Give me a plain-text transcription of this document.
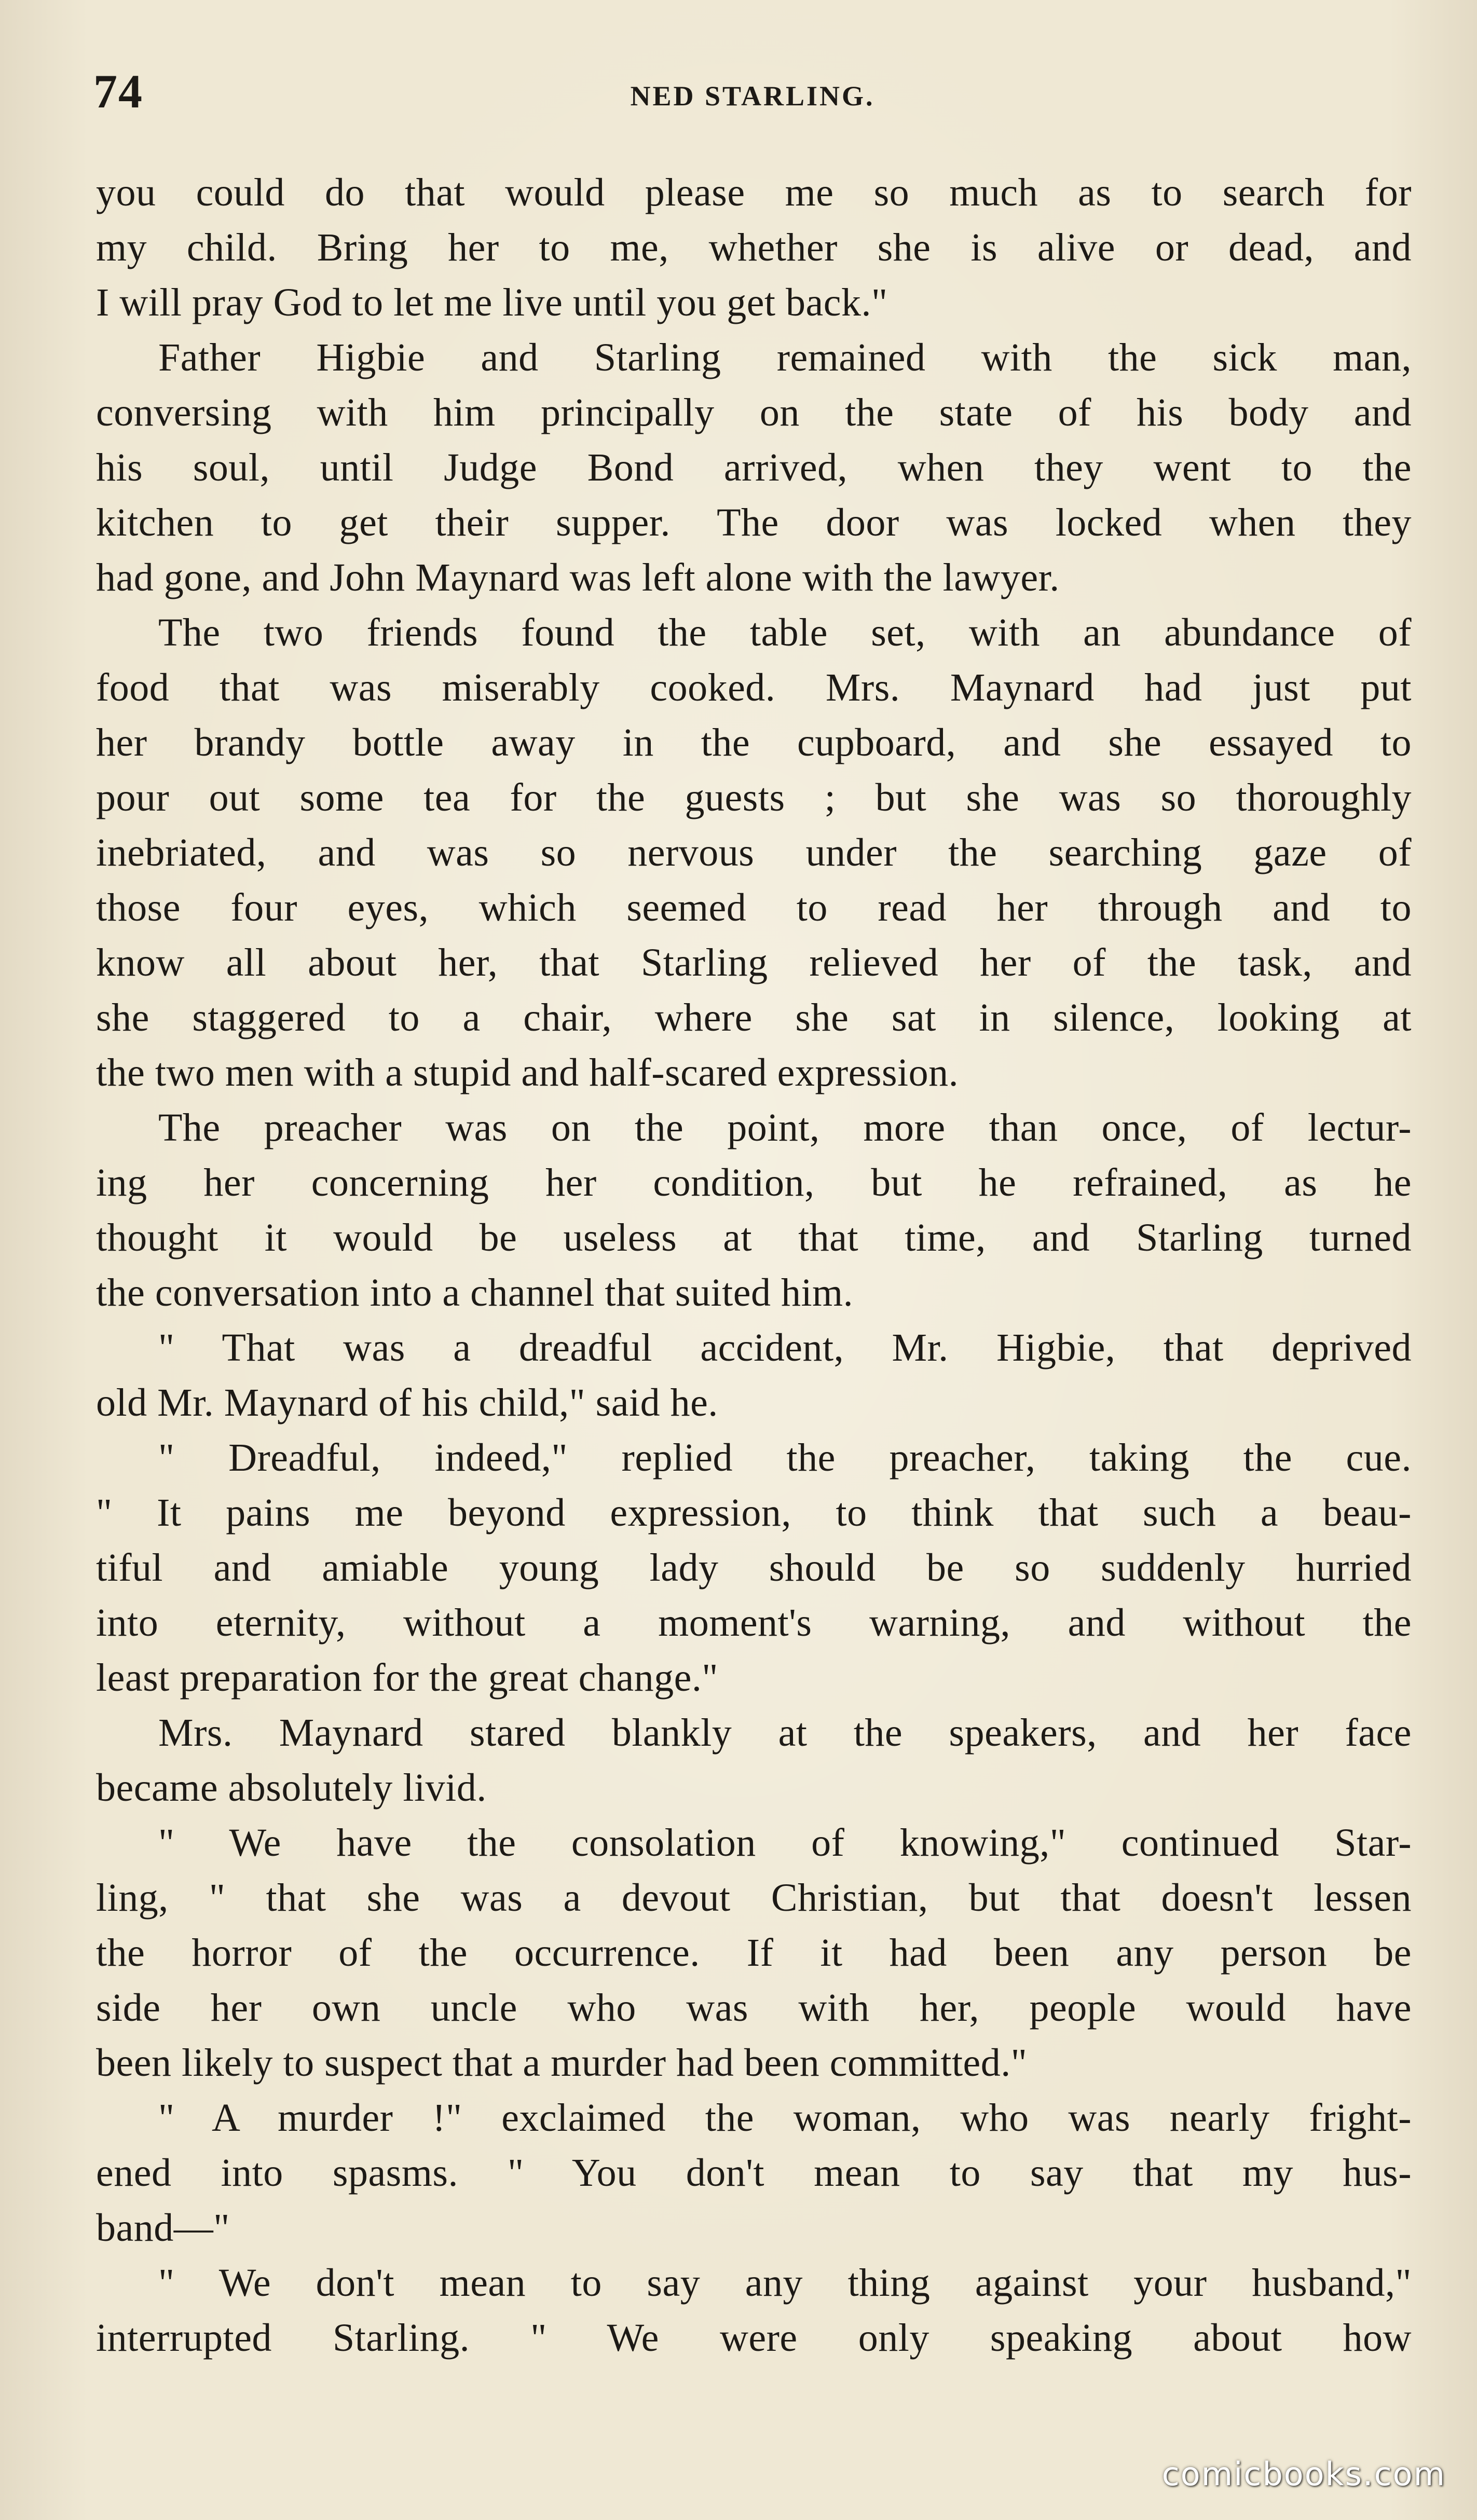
74	NED STARLING.
you could do that would please me so much as to search for
my child. Bring her to me, whether she is alive or dead, and
I will pray God to let me live until you get back."
Father Higbie and Starling remained with the sick man,
conversing with him principally on the state of his body and
his soul, until Judge Bond arrived, when they went to the
kitchen to get their supper. The door was locked when they
had gone, and John Maynard was left alone with the lawyer.
The two friends found the table set, with an abundance of
food that was miserably cooked. Mrs. Maynard had just put
her brandy bottle away in the cupboard, and she essayed to
pour out some tea for the guests ; but she was so thoroughly
inebriated, and was so nervous under the searching gaze of
those four eyes, which seemed to read her through and to
know all about her, that Starling relieved her of the task, and
she staggered to a chair, where she sat in silence, looking at
the two men with a stupid and half-scared expression.
The preacher was on the point, more than once, of lectur-
ing her concerning her condition, but he refrained, as he
thought it would be useless at that time, and Starling turned
the conversation into a channel that suited him.
" That was a dreadful accident, Mr. Higbie, that deprived
old Mr. Maynard of his child," said he.
" Dreadful, indeed," replied the preacher, taking the cue.
" It pains me beyond expression, to think that such a beau-
tiful and amiable young lady should be so suddenly hurried
into eternity, without a moment's warning, and without the
least preparation for the great change."
Mrs. Maynard stared blankly at the speakers, and her face
became absolutely livid.
" We have the consolation of knowing," continued Star-
ling, " that she was a devout Christian, but that doesn't lessen
the horror of the occurrence. If it had been any person be
side her own uncle who was with her, people would have
been likely to suspect that a murder had been committed."
" A murder !" exclaimed the woman, who was nearly fright-
ened into spasms. " You don't mean to say that my hus-
band—"
" We don't mean to say any thing against your husband,"
interrupted Starling. " We were only speaking about how
comicbooks.com
